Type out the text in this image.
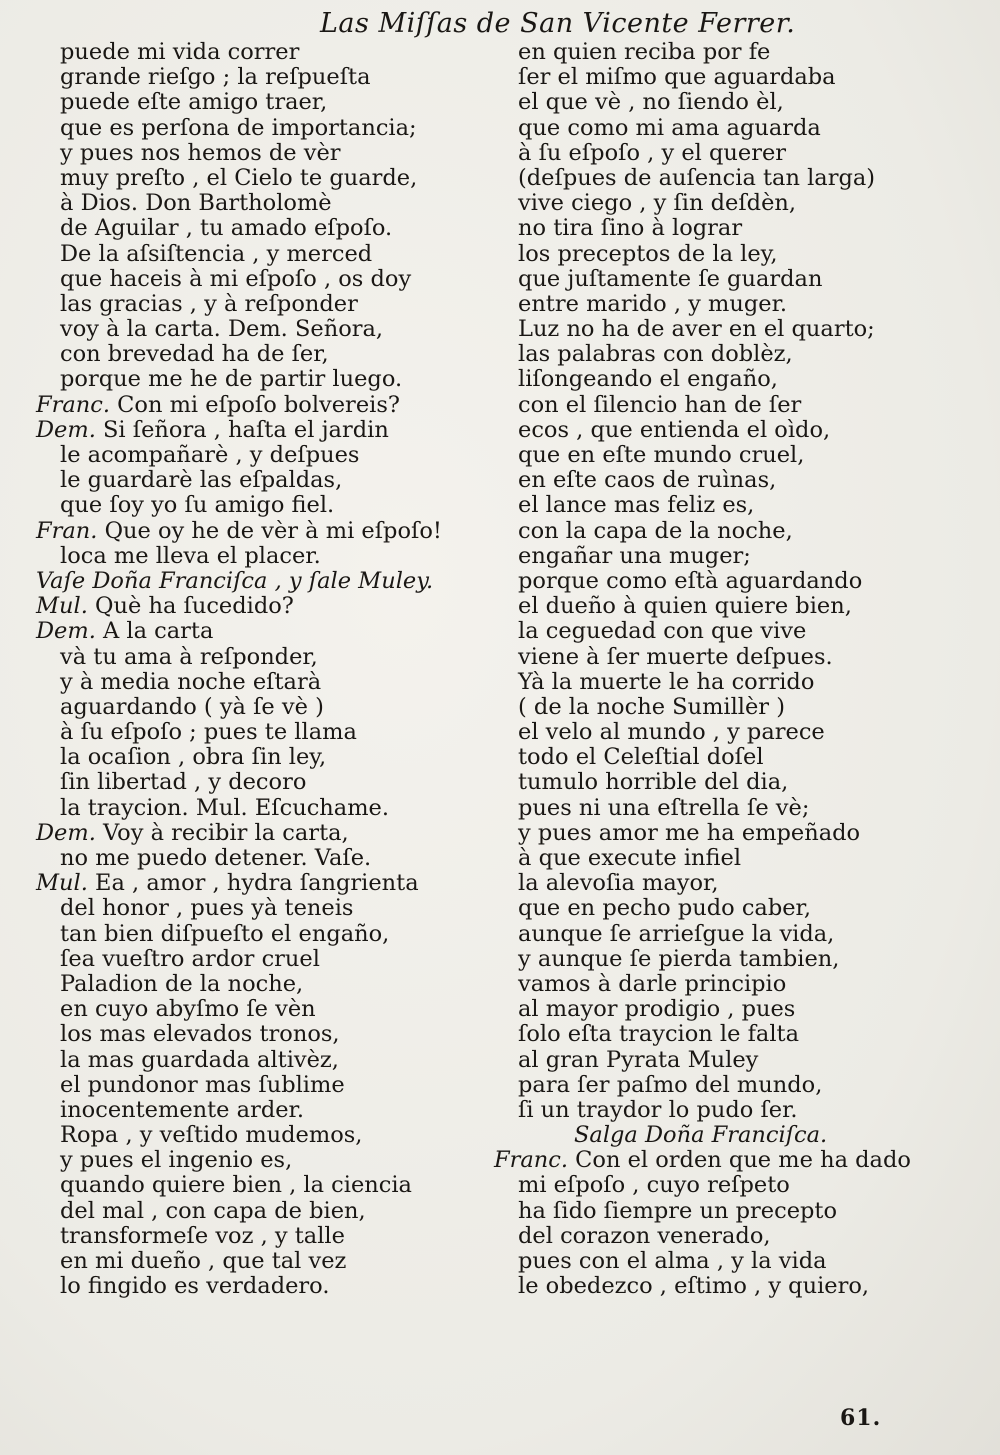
Las Miſſas de San Vicente Ferrer.
puede mi vida correr
grande rieſgo ; la reſpueſta
puede eſte amigo traer,
que es perſona de importancia;
y pues nos hemos de vèr
muy preſto , el Cielo te guarde,
à Dios. Don Bartholomè
de Aguilar , tu amado eſpoſo.
De la aſsiſtencia , y merced
que haceis à mi eſpoſo , os doy
las gracias , y à reſponder
voy à la carta. Dem. Señora,
con brevedad ha de ſer,
porque me he de partir luego.
Franc. Con mi eſpoſo bolvereis?
Dem. Si ſeñora , haſta el jardin
le acompañarè , y deſpues
le guardarè las eſpaldas,
que ſoy yo ſu amigo fiel.
Fran. Que oy he de vèr à mi eſpoſo!
loca me lleva el placer.
Vaſe Doña Franciſca , y ſale Muley.
Mul. Què ha ſucedido?
Dem. A la carta
và tu ama à reſponder,
y à media noche eſtarà
aguardando ( yà ſe vè )
à ſu eſpoſo ; pues te llama
la ocaſion , obra ſin ley,
ſin libertad , y decoro
la traycion. Mul. Eſcuchame.
Dem. Voy à recibir la carta,
no me puedo detener. Vaſe.
Mul. Ea , amor , hydra ſangrienta
del honor , pues yà teneis
tan bien diſpueſto el engaño,
ſea vueſtro ardor cruel
Paladion de la noche,
en cuyo abyſmo ſe vèn
los mas elevados tronos,
la mas guardada altivèz,
el pundonor mas ſublime
inocentemente arder.
Ropa , y veſtido mudemos,
y pues el ingenio es,
quando quiere bien , la ciencia
del mal , con capa de bien,
transformeſe voz , y talle
en mi dueño , que tal vez
lo fingido es verdadero.
en quien reciba por fe
ſer el miſmo que aguardaba
el que vè , no ſiendo èl,
que como mi ama aguarda
à ſu eſpoſo , y el querer
(deſpues de auſencia tan larga)
vive ciego , y ſin deſdèn,
no tira ſino à lograr
los preceptos de la ley,
que juſtamente ſe guardan
entre marido , y muger.
Luz no ha de aver en el quarto;
las palabras con doblèz,
liſongeando el engaño,
con el ſilencio han de ſer
ecos , que entienda el oìdo,
que en eſte mundo cruel,
en eſte caos de ruìnas,
el lance mas feliz es,
con la capa de la noche,
engañar una muger;
porque como eſtà aguardando
el dueño à quien quiere bien,
la ceguedad con que vive
viene à ſer muerte deſpues.
Yà la muerte le ha corrido
( de la noche Sumillèr )
el velo al mundo , y parece
todo el Celeſtial doſel
tumulo horrible del dia,
pues ni una eſtrella ſe vè;
y pues amor me ha empeñado
à que execute infiel
la alevoſia mayor,
que en pecho pudo caber,
aunque ſe arrieſgue la vida,
y aunque ſe pierda tambien,
vamos à darle principio
al mayor prodigio , pues
ſolo eſta traycion le falta
al gran Pyrata Muley
para ſer paſmo del mundo,
ſi un traydor lo pudo ſer.
Salga Doña Franciſca.
Franc. Con el orden que me ha dado
mi eſpoſo , cuyo reſpeto
ha ſido ſiempre un precepto
del corazon venerado,
pues con el alma , y la vida
le obedezco , eſtimo , y quiero,
61.
